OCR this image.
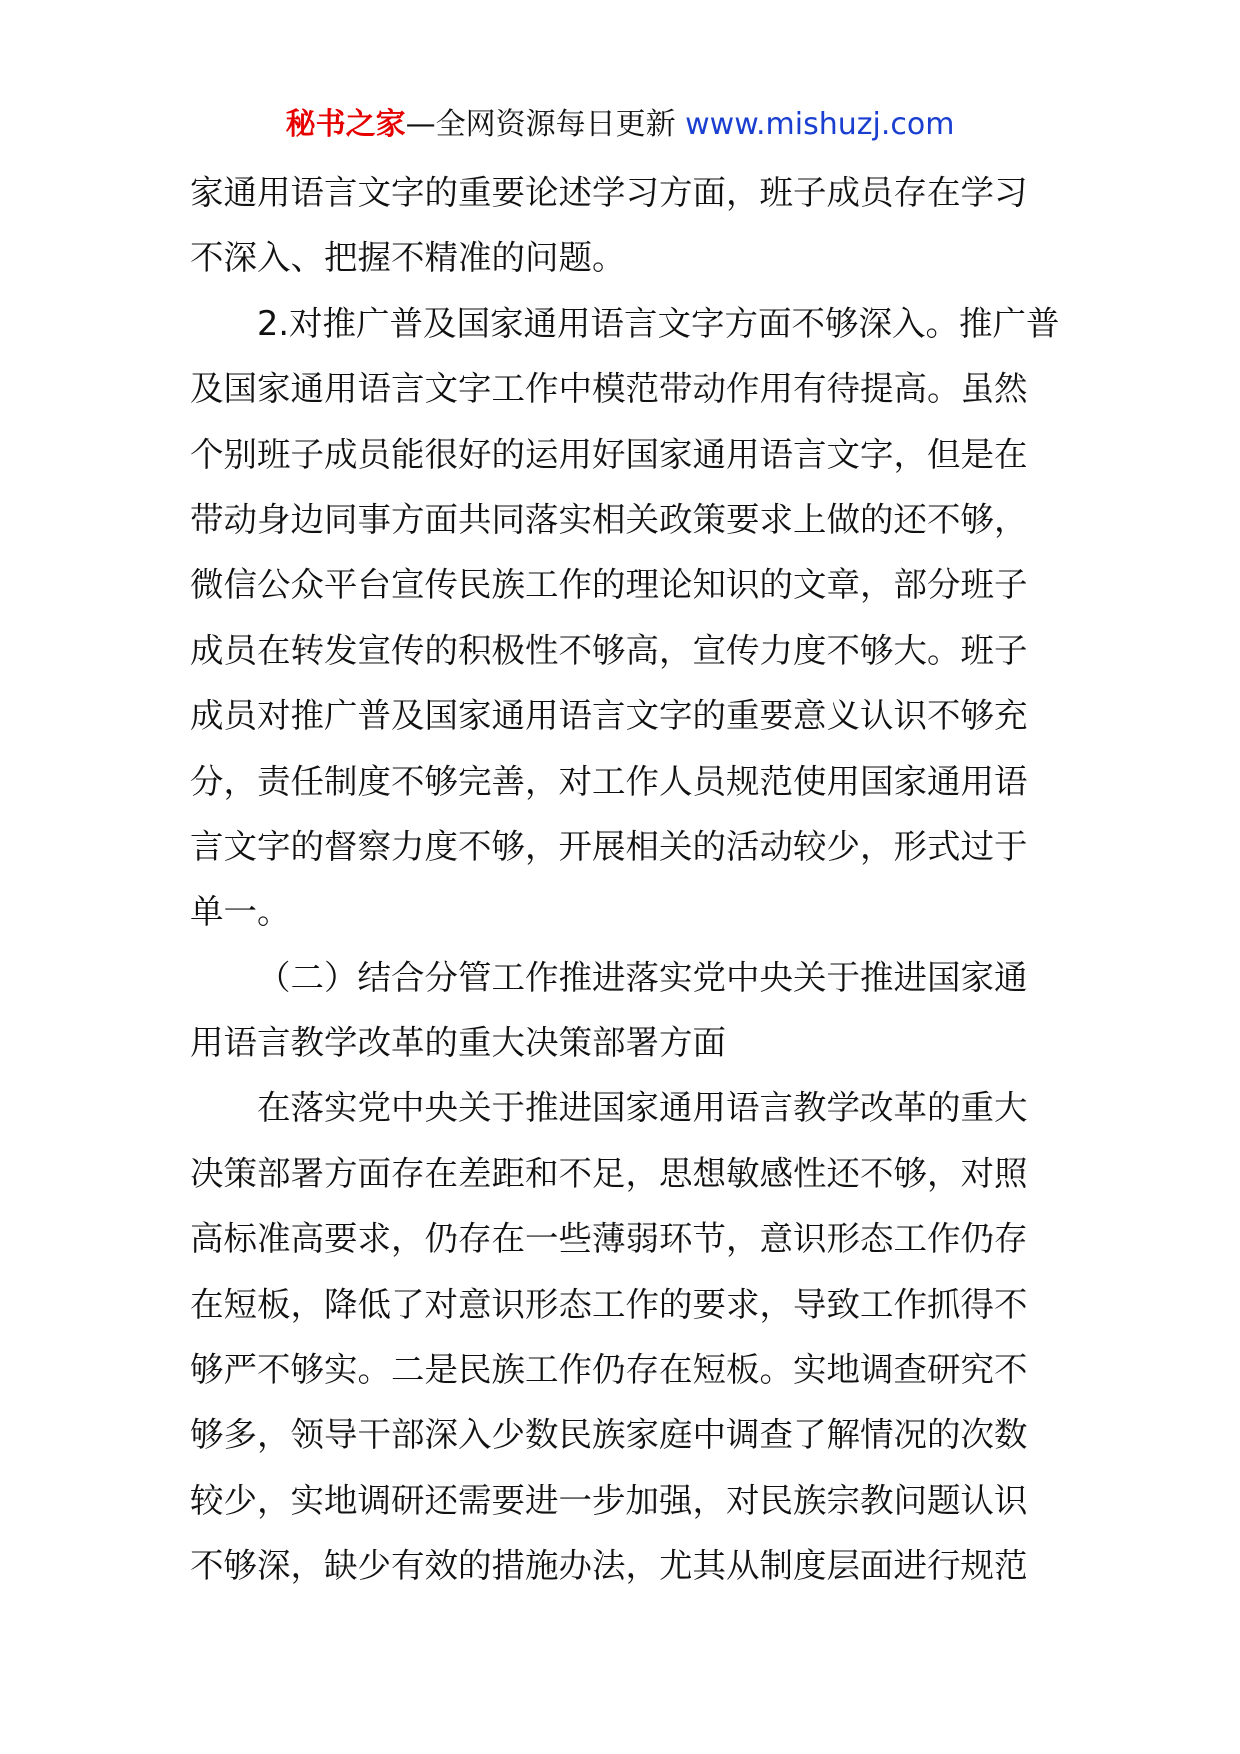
秘书之家—全网资源每日更新 www.mishuzj.com
家通用语言文字的重要论述学习方面，班子成员存在学习
不深入、把握不精准的问题。
2.对推广普及国家通用语言文字方面不够深入。推广普
及国家通用语言文字工作中模范带动作用有待提高。虽然
个别班子成员能很好的运用好国家通用语言文字，但是在
带动身边同事方面共同落实相关政策要求上做的还不够，
微信公众平台宣传民族工作的理论知识的文章，部分班子
成员在转发宣传的积极性不够高，宣传力度不够大。班子
成员对推广普及国家通用语言文字的重要意义认识不够充
分，责任制度不够完善，对工作人员规范使用国家通用语
言文字的督察力度不够，开展相关的活动较少，形式过于
单一。
（二）结合分管工作推进落实党中央关于推进国家通
用语言教学改革的重大决策部署方面
在落实党中央关于推进国家通用语言教学改革的重大
决策部署方面存在差距和不足，思想敏感性还不够，对照
高标准高要求，仍存在一些薄弱环节，意识形态工作仍存
在短板，降低了对意识形态工作的要求，导致工作抓得不
够严不够实。二是民族工作仍存在短板。实地调查研究不
够多，领导干部深入少数民族家庭中调查了解情况的次数
较少，实地调研还需要进一步加强，对民族宗教问题认识
不够深，缺少有效的措施办法，尤其从制度层面进行规范
